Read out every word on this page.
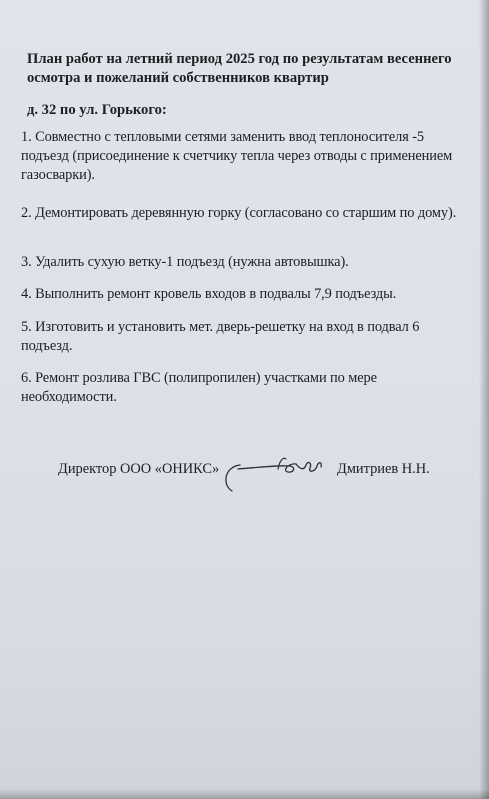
План работ на летний период 2025 год по результатам весеннего осмотра и пожеланий собственников квартир

д. 32 по ул. Горького:

1. Совместно с тепловыми сетями заменить ввод теплоносителя -5 подъезд (присоединение к счетчику тепла через отводы с применением газосварки).

2. Демонтировать деревянную горку (согласовано со старшим по дому).

3. Удалить сухую ветку-1 подъезд (нужна автовышка).

4. Выполнить ремонт кровель входов в подвалы 7,9 подъезды.

5. Изготовить и установить мет. дверь-решетку на вход в подвал 6 подъезд.

6. Ремонт розлива ГВС (полипропилен) участками по мере необходимости.

Директор ООО «ОНИКС»	Дмитриев Н.Н.
